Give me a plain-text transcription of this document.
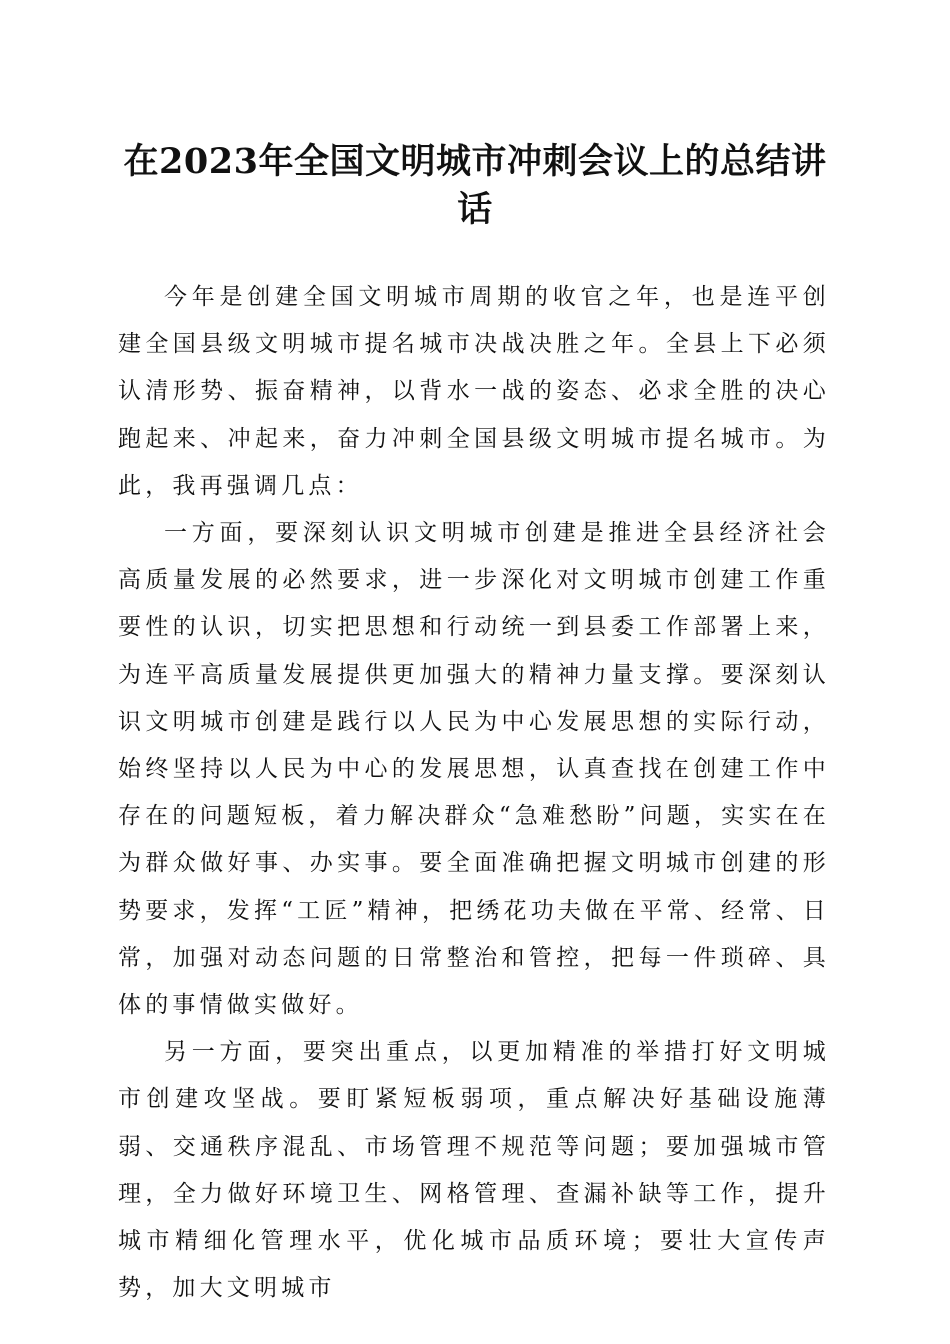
在2023年全国文明城市冲刺会议上的总结讲话

今年是创建全国文明城市周期的收官之年，也是连平创建全国县级文明城市提名城市决战决胜之年。全县上下必须认清形势、振奋精神，以背水一战的姿态、必求全胜的决心跑起来、冲起来，奋力冲刺全国县级文明城市提名城市。为此，我再强调几点：

一方面，要深刻认识文明城市创建是推进全县经济社会高质量发展的必然要求，进一步深化对文明城市创建工作重要性的认识，切实把思想和行动统一到县委工作部署上来，为连平高质量发展提供更加强大的精神力量支撑。要深刻认识文明城市创建是践行以人民为中心发展思想的实际行动，始终坚持以人民为中心的发展思想，认真查找在创建工作中存在的问题短板，着力解决群众“急难愁盼”问题，实实在在为群众做好事、办实事。要全面准确把握文明城市创建的形势要求，发挥“工匠”精神，把绣花功夫做在平常、经常、日常，加强对动态问题的日常整治和管控，把每一件琐碎、具体的事情做实做好。

另一方面，要突出重点，以更加精准的举措打好文明城市创建攻坚战。要盯紧短板弱项，重点解决好基础设施薄弱、交通秩序混乱、市场管理不规范等问题；要加强城市管理，全力做好环境卫生、网格管理、查漏补缺等工作，提升城市精细化管理水平，优化城市品质环境；要壮大宣传声势，加大文明城市
